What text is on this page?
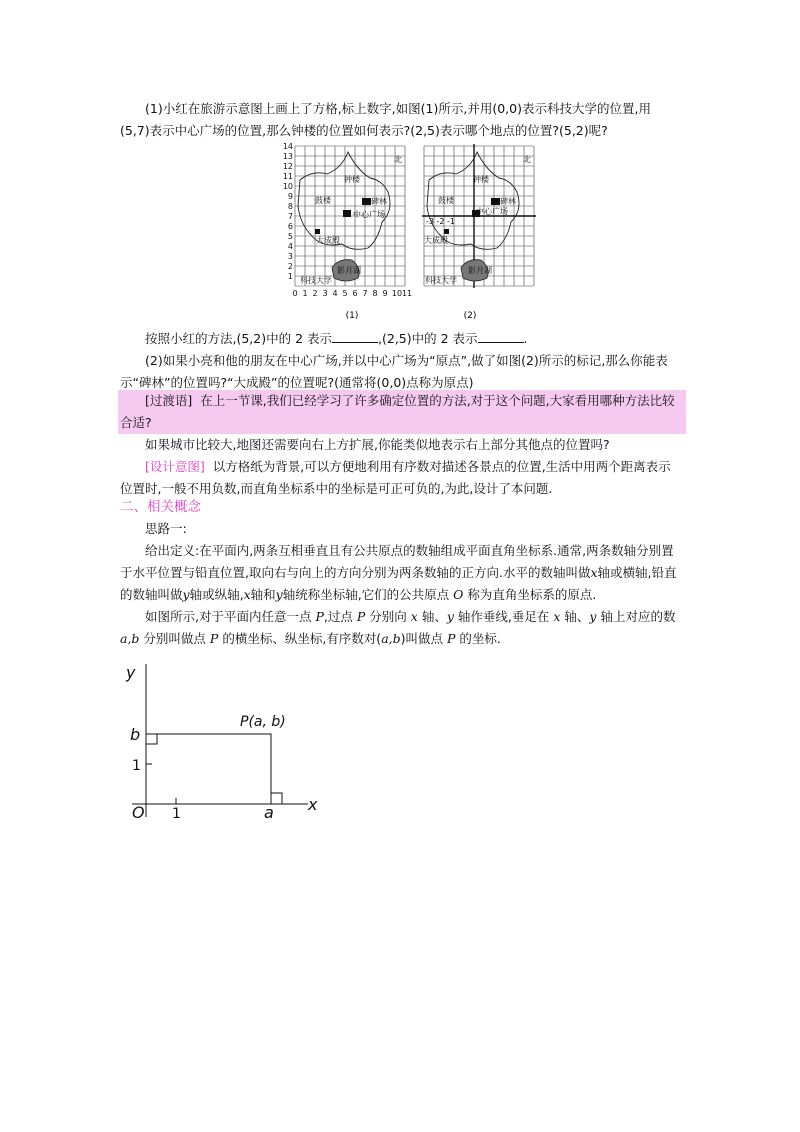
(1)小红在旅游示意图上画上了方格,标上数字,如图(1)所示,并用(0,0)表示科技大学的位置,用(5,7)表示中心广场的位置,那么钟楼的位置如何表示?(2,5)表示哪个地点的位置?(5,2)呢?
14
13
12
11
10
9
8
7
6
5
4
3
2
1
0 1 2 3 4 5 6 7 8 9 10 11
北
钟楼
鼓楼	碑林
中心广场
大成殿
影月湖
科技大学
(1)
北
钟楼
鼓楼	碑林
中心广场
-3 -2 -1
大成殿
影月湖
科技大学
(2)
按照小红的方法,(5,2)中的 2 表示	,(2,5)中的 2 表示	.
(2)如果小亮和他的朋友在中心广场,并以中心广场为“原点”,做了如图(2)所示的标记,那么你能表示“碑林”的位置吗?“大成殿”的位置呢?(通常将(0,0)点称为原点)
[过渡语] 在上一节课,我们已经学习了许多确定位置的方法,对于这个问题,大家看用哪种方法比较合适?
如果城市比较大,地图还需要向右上方扩展,你能类似地表示右上部分其他点的位置吗?
[设计意图] 以方格纸为背景,可以方便地利用有序数对描述各景点的位置,生活中用两个距离表示位置时,一般不用负数,而直角坐标系中的坐标是可正可负的,为此,设计了本问题.
二、相关概念
思路一:
给出定义:在平面内,两条互相垂直且有公共原点的数轴组成平面直角坐标系.通常,两条数轴分别置于水平位置与铅直位置,取向右与向上的方向分别为两条数轴的正方向.水平的数轴叫做x轴或横轴,铅直的数轴叫做y轴或纵轴,x轴和y轴统称坐标轴,它们的公共原点 O 称为直角坐标系的原点.
如图所示,对于平面内任意一点 P,过点 P 分别向 x 轴、y 轴作垂线,垂足在 x 轴、y 轴上对应的数 a,b 分别叫做点 P 的横坐标、纵坐标,有序数对(a,b)叫做点 P 的坐标.
y
x
O
b
a
1
1
P(a, b)
